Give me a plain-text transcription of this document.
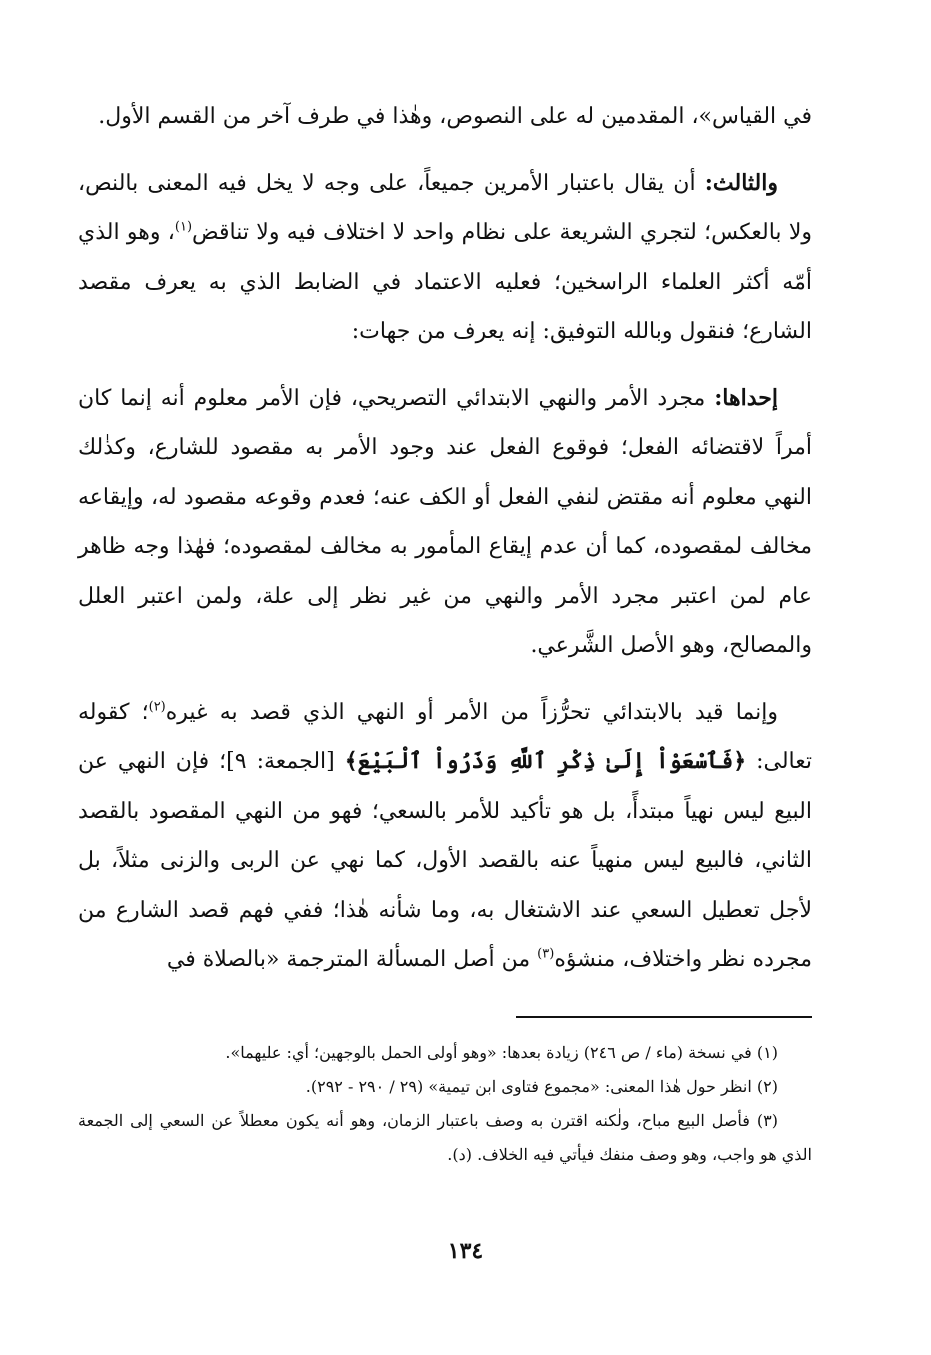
في القياس»، المقدمين له على النصوص، وهٰذا في طرف آخر من القسم الأول.

والثالث: أن يقال باعتبار الأمرين جميعاً، على وجه لا يخل فيه المعنى بالنص، ولا بالعكس؛ لتجري الشريعة على نظام واحد لا اختلاف فيه ولا تناقض$^{(١)}$، وهو الذي أمّه أكثر العلماء الراسخين؛ فعليه الاعتماد في الضابط الذي به يعرف مقصد الشارع؛ فنقول وبالله التوفيق: إنه يعرف من جهات:

إحداها: مجرد الأمر والنهي الابتدائي التصريحي، فإن الأمر معلوم أنه إنما كان أمراً لاقتضائه الفعل؛ فوقوع الفعل عند وجود الأمر به مقصود للشارع، وكذٰلك النهي معلوم أنه مقتض لنفي الفعل أو الكف عنه؛ فعدم وقوعه مقصود له، وإيقاعه مخالف لمقصوده، كما أن عدم إيقاع المأمور به مخالف لمقصوده؛ فهٰذا وجه ظاهر عام لمن اعتبر مجرد الأمر والنهي من غير نظر إلى علة، ولمن اعتبر العلل والمصالح، وهو الأصل الشَّرعي.

وإنما قيد بالابتدائي تحرُّزاً من الأمر أو النهي الذي قصد به غيره$^{(٢)}$؛ كقوله تعالى: ﴿فَٱسْعَوْاْ إِلَىٰ ذِكْرِ ٱللَّهِ وَذَرُواْ ٱلْبَيْعَ﴾ [الجمعة: ٩]؛ فإن النهي عن البيع ليس نهياً مبتدأً، بل هو تأكيد للأمر بالسعي؛ فهو من النهي المقصود بالقصد الثاني، فالبيع ليس منهياً عنه بالقصد الأول، كما نهي عن الربى والزنى مثلاً، بل لأجل تعطيل السعي عند الاشتغال به، وما شأنه هٰذا؛ ففي فهم قصد الشارع من مجرده نظر واختلاف، منشؤه$^{(٣)}$ من أصل المسألة المترجمة «بالصلاة في

(١) في نسخة (ماء / ص ٢٤٦) زيادة بعدها: «وهو أولى الحمل بالوجهين؛ أي: عليهما».

(٢) انظر حول هٰذا المعنى: «مجموع فتاوى ابن تيمية» (٢٩ / ٢٩٠ - ٢٩٢).

(٣) فأصل البيع مباح، ولٰكنه اقترن به وصف باعتبار الزمان، وهو أنه يكون معطلاً عن السعي إلى الجمعة الذي هو واجب، وهو وصف منفك فيأتي فيه الخلاف. (د).

١٣٤
